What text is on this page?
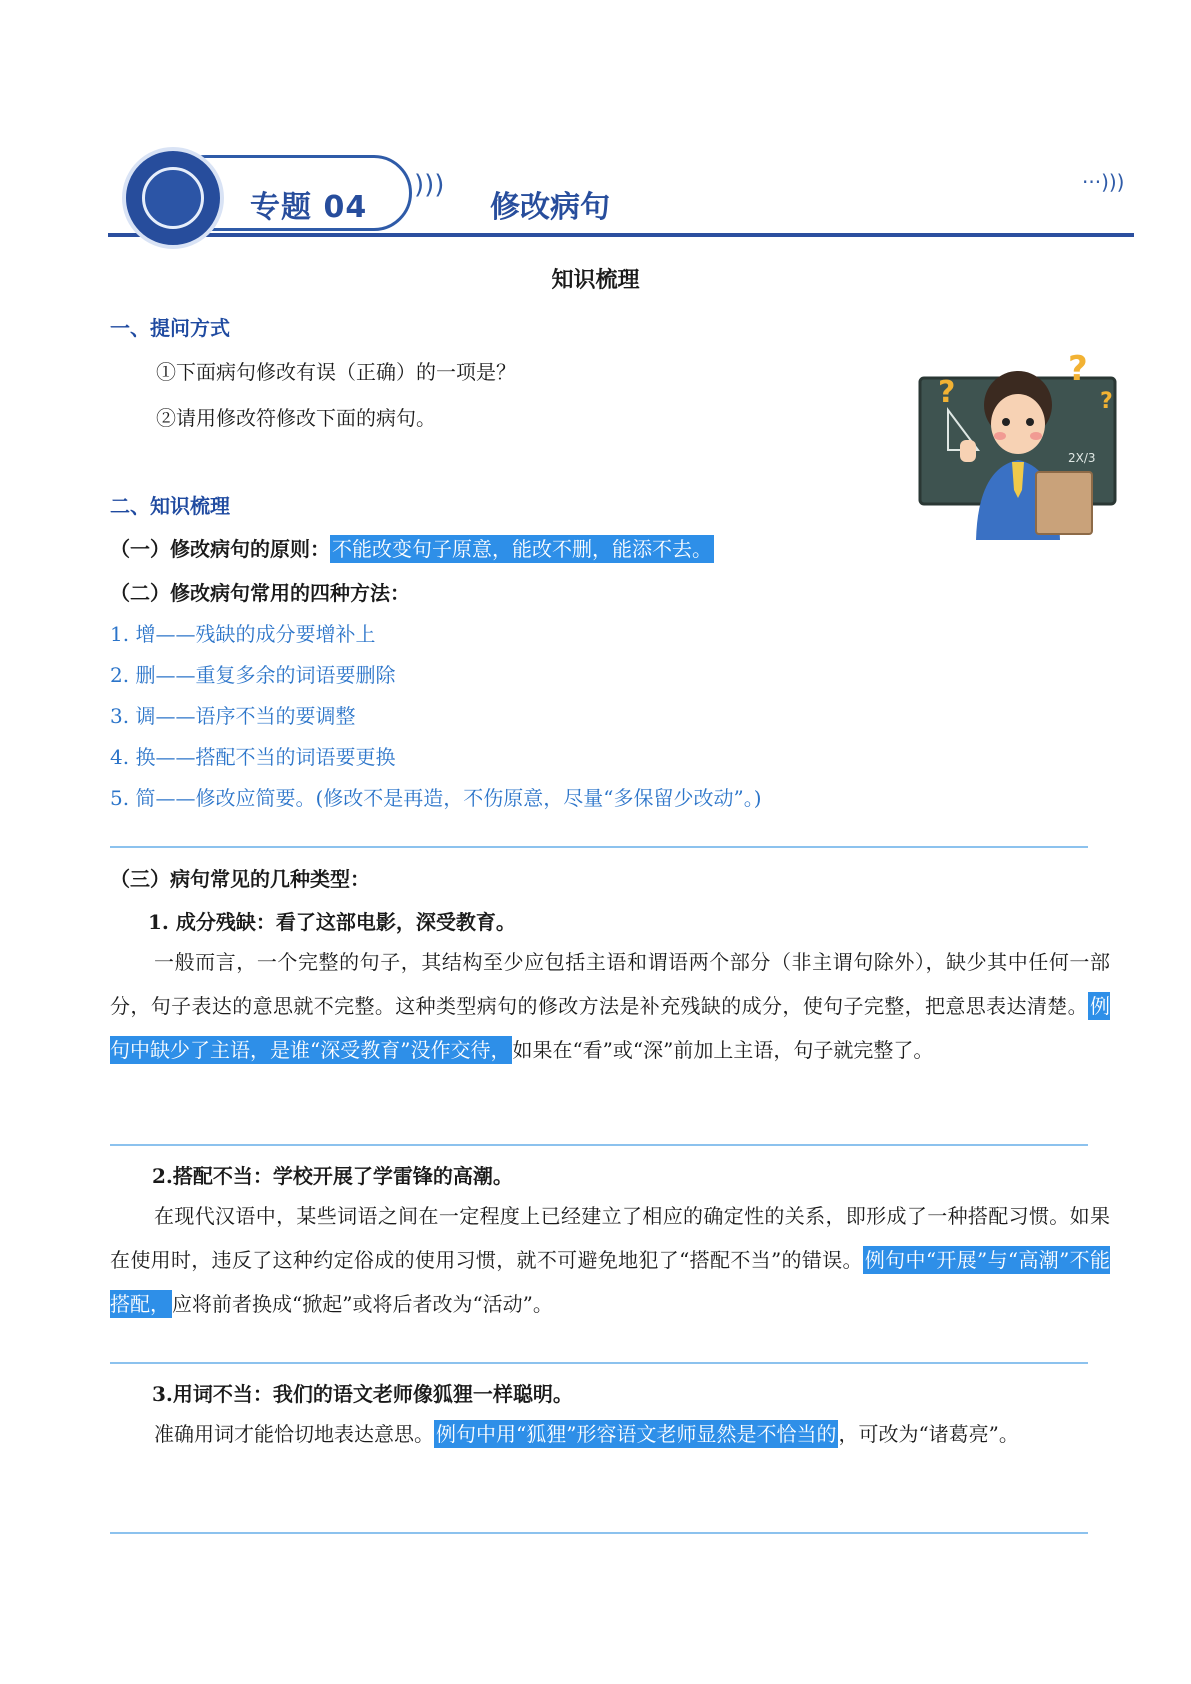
专题 04
)))
修改病句
···)))
知识梳理
一、提问方式
①下面病句修改有误（正确）的一项是？
②请用修改符修改下面的病句。
?
?
?
2X/3
二、知识梳理
（一）修改病句的原则： 不能改变句子原意，能改不删，能添不去。
（二）修改病句常用的四种方法：
1. 增——残缺的成分要增补上
2. 删——重复多余的词语要删除
3. 调——语序不当的要调整
4. 换——搭配不当的词语要更换
5. 简——修改应简要。(修改不是再造，不伤原意，尽量“多保留少改动”。)
（三）病句常见的几种类型：
1. 成分残缺：看了这部电影，深受教育。
一般而言，一个完整的句子，其结构至少应包括主语和谓语两个部分（非主谓句除外），缺少其中任何一部分，句子表达的意思就不完整。这种类型病句的修改方法是补充残缺的成分，使句子完整，把意思表达清楚。 例句中缺少了主语，是谁“深受教育”没作交待， 如果在“看”或“深”前加上主语，句子就完整了。
2.搭配不当：学校开展了学雷锋的高潮。
在现代汉语中，某些词语之间在一定程度上已经建立了相应的确定性的关系，即形成了一种搭配习惯。如果在使用时，违反了这种约定俗成的使用习惯，就不可避免地犯了“搭配不当”的错误。 例句中“开展”与“高潮”不能搭配， 应将前者换成“掀起”或将后者改为“活动”。
3.用词不当：我们的语文老师像狐狸一样聪明。
准确用词才能恰切地表达意思。 例句中用“狐狸”形容语文老师显然是不恰当的 ，可改为“诸葛亮”。
